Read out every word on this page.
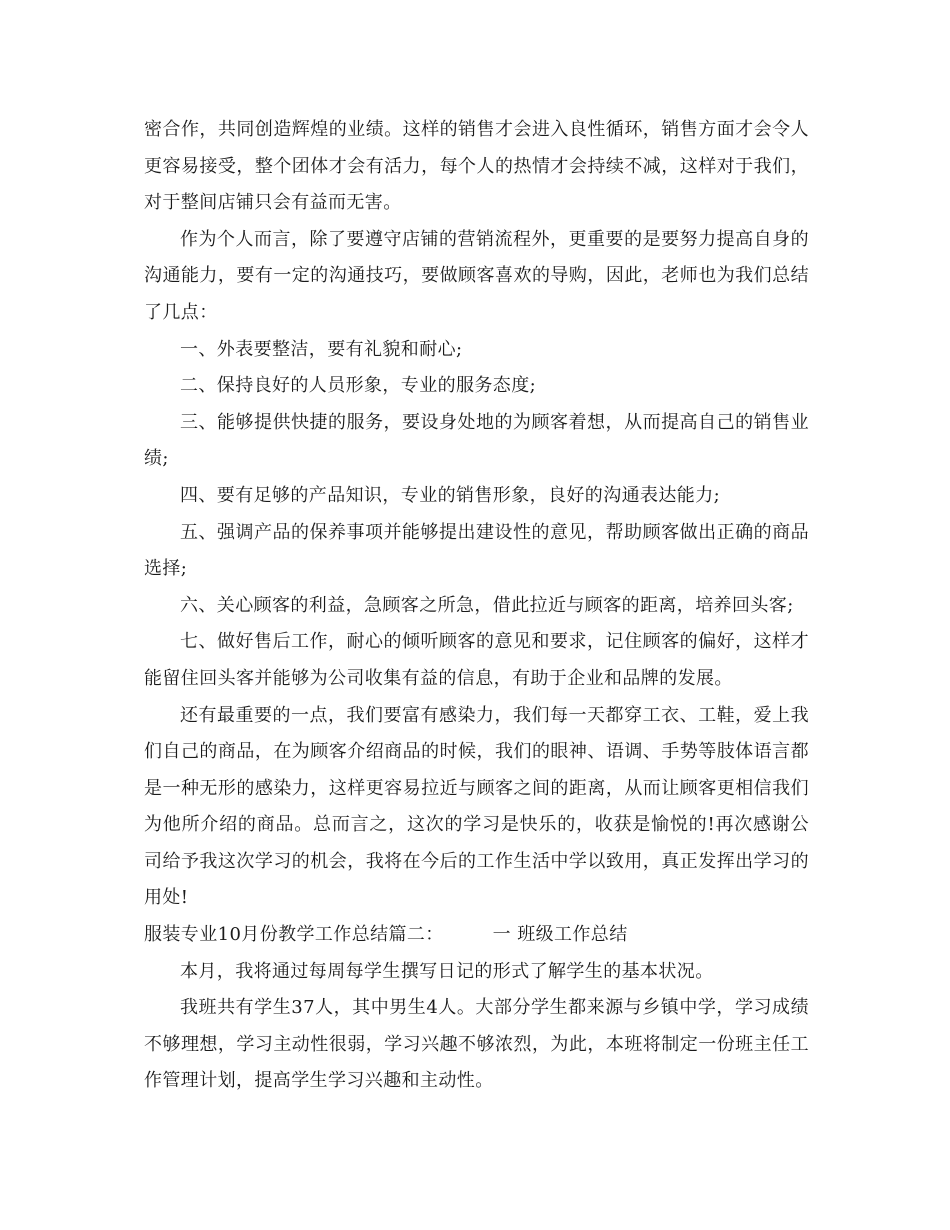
密合作，共同创造辉煌的业绩。这样的销售才会进入良性循环，销售方面才会令人更容易接受，整个团体才会有活力，每个人的热情才会持续不减，这样对于我们，对于整间店铺只会有益而无害。

作为个人而言，除了要遵守店铺的营销流程外，更重要的是要努力提高自身的沟通能力，要有一定的沟通技巧，要做顾客喜欢的导购，因此，老师也为我们总结了几点：

一、外表要整洁，要有礼貌和耐心;

二、保持良好的人员形象，专业的服务态度;

三、能够提供快捷的服务，要设身处地的为顾客着想，从而提高自己的销售业绩;

四、要有足够的产品知识，专业的销售形象，良好的沟通表达能力;

五、强调产品的保养事项并能够提出建设性的意见，帮助顾客做出正确的商品选择;

六、关心顾客的利益，急顾客之所急，借此拉近与顾客的距离，培养回头客;

七、做好售后工作，耐心的倾听顾客的意见和要求，记住顾客的偏好，这样才能留住回头客并能够为公司收集有益的信息，有助于企业和品牌的发展。

还有最重要的一点，我们要富有感染力，我们每一天都穿工衣、工鞋，爱上我们自己的商品，在为顾客介绍商品的时候，我们的眼神、语调、手势等肢体语言都是一种无形的感染力，这样更容易拉近与顾客之间的距离，从而让顾客更相信我们为他所介绍的商品。总而言之，这次的学习是快乐的，收获是愉悦的!再次感谢公司给予我这次学习的机会，我将在今后的工作生活中学以致用，真正发挥出学习的用处!

服装专业10月份教学工作总结篇二：        一 班级工作总结

本月，我将通过每周每学生撰写日记的形式了解学生的基本状况。

我班共有学生37人，其中男生4人。大部分学生都来源与乡镇中学，学习成绩不够理想，学习主动性很弱，学习兴趣不够浓烈，为此，本班将制定一份班主任工作管理计划，提高学生学习兴趣和主动性。
